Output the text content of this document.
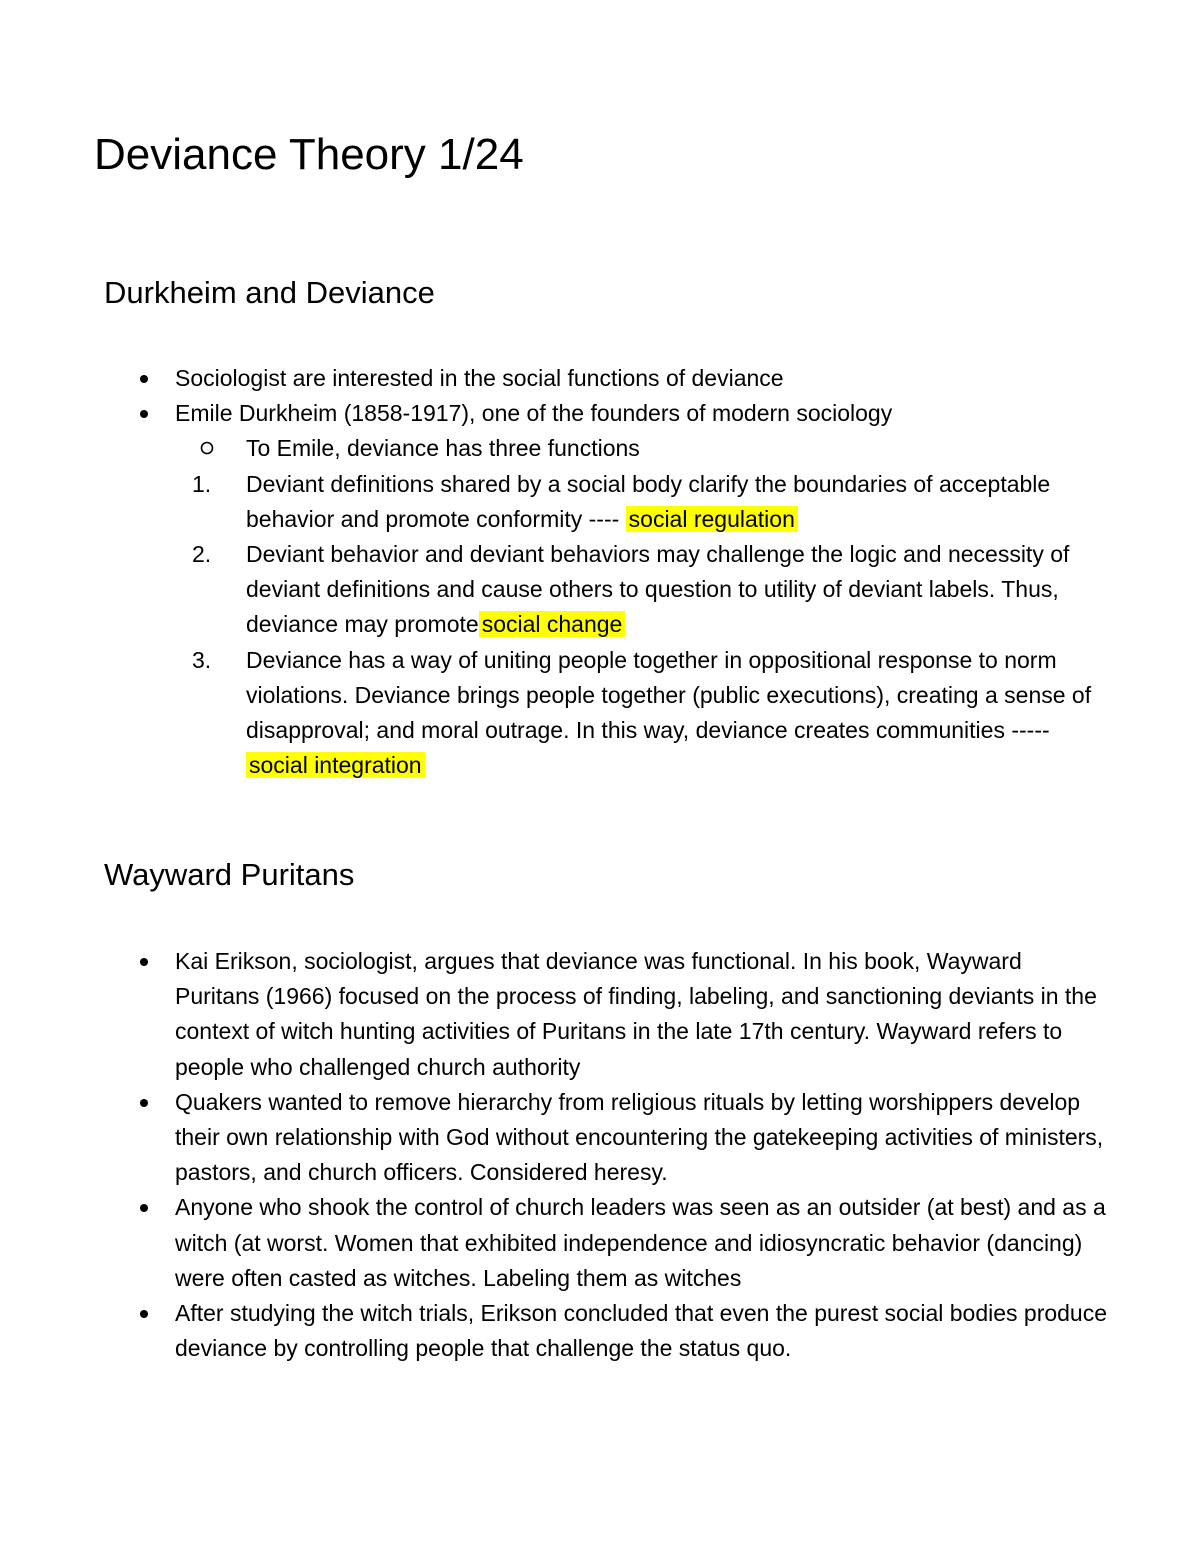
Deviance Theory 1/24
Durkheim and Deviance
Sociologist are interested in the social functions of deviance
Emile Durkheim (1858-1917), one of the founders of modern sociology
To Emile, deviance has three functions
1. Deviant definitions shared by a social body clarify the boundaries of acceptable behavior and promote conformity ---- social regulation
2. Deviant behavior and deviant behaviors may challenge the logic and necessity of deviant definitions and cause others to question to utility of deviant labels. Thus, deviance may promote social change
3. Deviance has a way of uniting people together in oppositional response to norm violations. Deviance brings people together (public executions), creating a sense of disapproval; and moral outrage. In this way, deviance creates communities ----- social integration
Wayward Puritans
Kai Erikson, sociologist, argues that deviance was functional. In his book, Wayward Puritans (1966) focused on the process of finding, labeling, and sanctioning deviants in the context of witch hunting activities of Puritans in the late 17th century. Wayward refers to people who challenged church authority
Quakers wanted to remove hierarchy from religious rituals by letting worshippers develop their own relationship with God without encountering the gatekeeping activities of ministers, pastors, and church officers. Considered heresy.
Anyone who shook the control of church leaders was seen as an outsider (at best) and as a witch (at worst. Women that exhibited independence and idiosyncratic behavior (dancing) were often casted as witches. Labeling them as witches
After studying the witch trials, Erikson concluded that even the purest social bodies produce deviance by controlling people that challenge the status quo.
